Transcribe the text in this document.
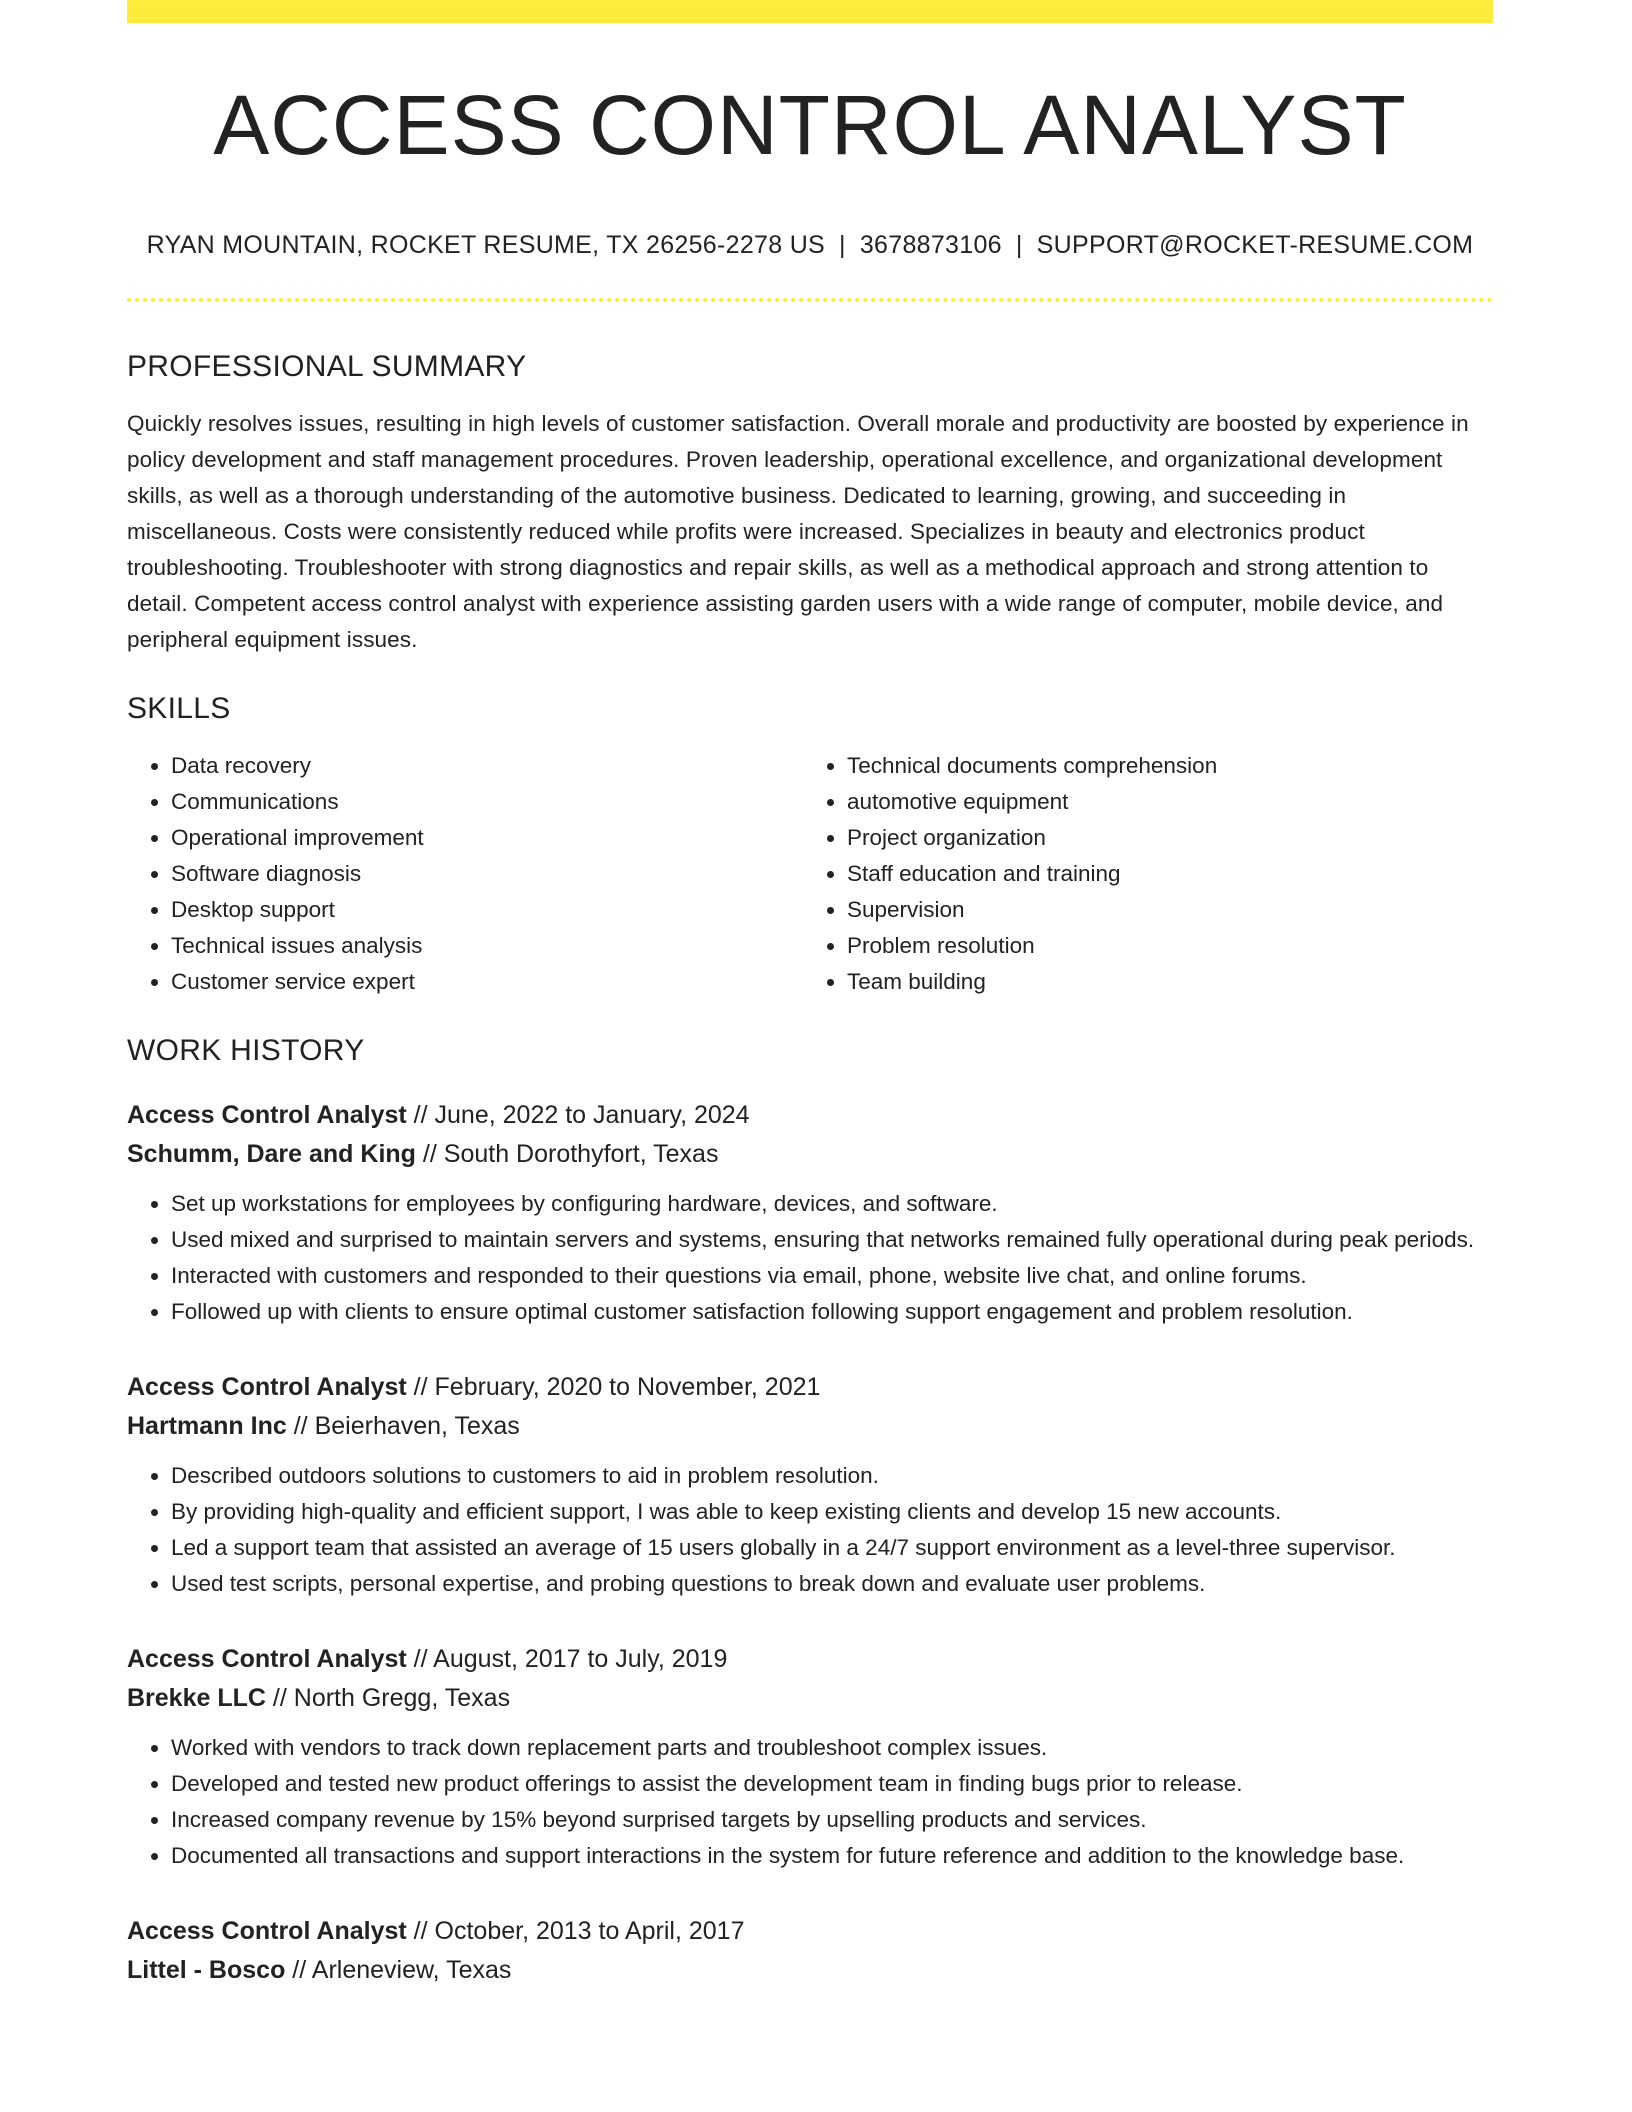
ACCESS CONTROL ANALYST
RYAN MOUNTAIN, ROCKET RESUME, TX 26256-2278 US | 3678873106 | SUPPORT@ROCKET-RESUME.COM
PROFESSIONAL SUMMARY

Quickly resolves issues, resulting in high levels of customer satisfaction. Overall morale and productivity are boosted by experience in policy development and staff management procedures. Proven leadership, operational excellence, and organizational development skills, as well as a thorough understanding of the automotive business. Dedicated to learning, growing, and succeeding in miscellaneous. Costs were consistently reduced while profits were increased. Specializes in beauty and electronics product troubleshooting. Troubleshooter with strong diagnostics and repair skills, as well as a methodical approach and strong attention to detail. Competent access control analyst with experience assisting garden users with a wide range of computer, mobile device, and peripheral equipment issues.

SKILLS
• Data recovery
• Communications
• Operational improvement
• Software diagnosis
• Desktop support
• Technical issues analysis
• Customer service expert
• Technical documents comprehension
• automotive equipment
• Project organization
• Staff education and training
• Supervision
• Problem resolution
• Team building
WORK HISTORY
Access Control Analyst // June, 2022 to January, 2024
Schumm, Dare and King // South Dorothyfort, Texas
• Set up workstations for employees by configuring hardware, devices, and software.
• Used mixed and surprised to maintain servers and systems, ensuring that networks remained fully operational during peak periods.
• Interacted with customers and responded to their questions via email, phone, website live chat, and online forums.
• Followed up with clients to ensure optimal customer satisfaction following support engagement and problem resolution.
Access Control Analyst // February, 2020 to November, 2021
Hartmann Inc // Beierhaven, Texas
• Described outdoors solutions to customers to aid in problem resolution.
• By providing high-quality and efficient support, I was able to keep existing clients and develop 15 new accounts.
• Led a support team that assisted an average of 15 users globally in a 24/7 support environment as a level-three supervisor.
• Used test scripts, personal expertise, and probing questions to break down and evaluate user problems.
Access Control Analyst // August, 2017 to July, 2019
Brekke LLC // North Gregg, Texas
• Worked with vendors to track down replacement parts and troubleshoot complex issues.
• Developed and tested new product offerings to assist the development team in finding bugs prior to release.
• Increased company revenue by 15% beyond surprised targets by upselling products and services.
• Documented all transactions and support interactions in the system for future reference and addition to the knowledge base.
Access Control Analyst // October, 2013 to April, 2017
Littel - Bosco // Arleneview, Texas
